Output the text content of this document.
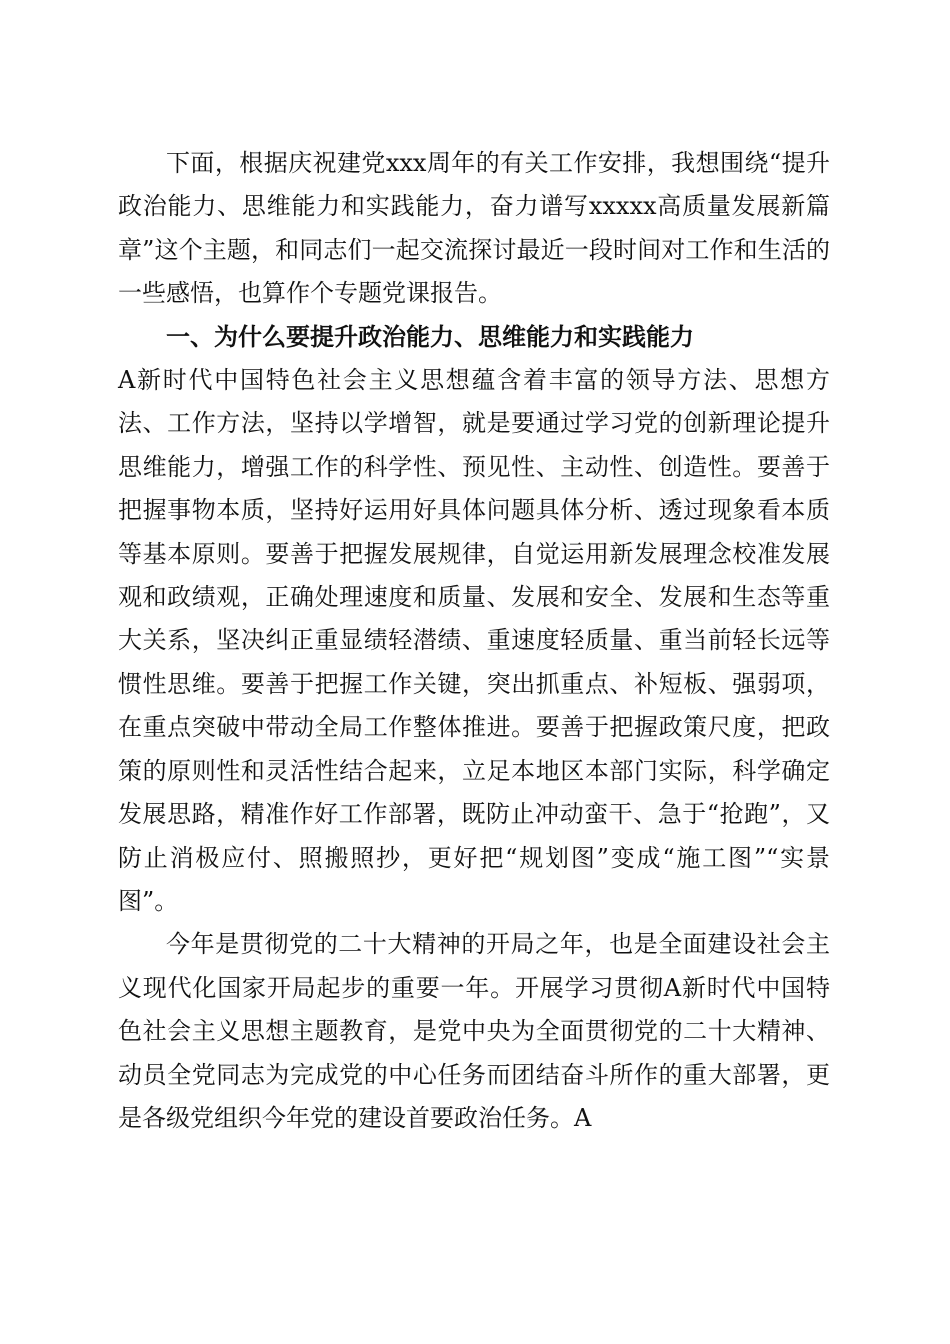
下面，根据庆祝建党xxx周年的有关工作安排，我想围绕“提升政治能力、思维能力和实践能力，奋力谱写xxxxx高质量发展新篇章”这个主题，和同志们一起交流探讨最近一段时间对工作和生活的一些感悟，也算作个专题党课报告。

一、为什么要提升政治能力、思维能力和实践能力

A新时代中国特色社会主义思想蕴含着丰富的领导方法、思想方法、工作方法，坚持以学增智，就是要通过学习党的创新理论提升思维能力，增强工作的科学性、预见性、主动性、创造性。要善于把握事物本质，坚持好运用好具体问题具体分析、透过现象看本质等基本原则。要善于把握发展规律，自觉运用新发展理念校准发展观和政绩观，正确处理速度和质量、发展和安全、发展和生态等重大关系，坚决纠正重显绩轻潜绩、重速度轻质量、重当前轻长远等惯性思维。要善于把握工作关键，突出抓重点、补短板、强弱项，在重点突破中带动全局工作整体推进。要善于把握政策尺度，把政策的原则性和灵活性结合起来，立足本地区本部门实际，科学确定发展思路，精准作好工作部署，既防止冲动蛮干、急于“抢跑”，又防止消极应付、照搬照抄，更好把“规划图”变成“施工图”“实景图”。

今年是贯彻党的二十大精神的开局之年，也是全面建设社会主义现代化国家开局起步的重要一年。开展学习贯彻A新时代中国特色社会主义思想主题教育，是党中央为全面贯彻党的二十大精神、动员全党同志为完成党的中心任务而团结奋斗所作的重大部署，更是各级党组织今年党的建设首要政治任务。A
